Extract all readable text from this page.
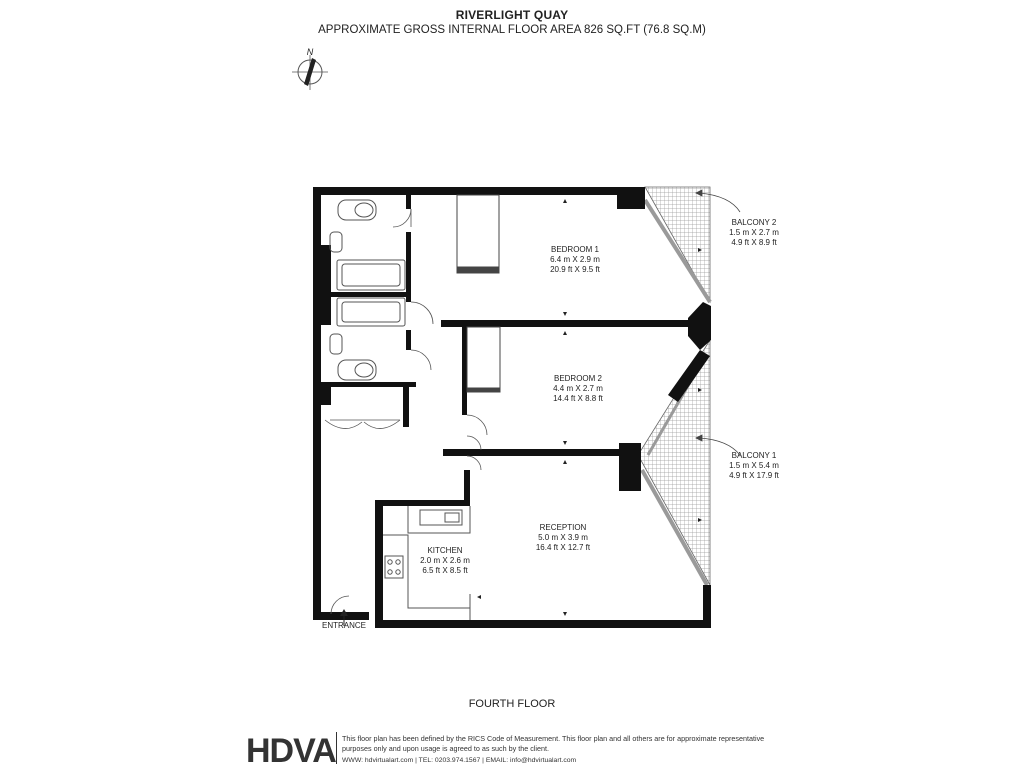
RIVERLIGHT QUAY
APPROXIMATE GROSS INTERNAL FLOOR AREA 826 SQ.FT (76.8 SQ.M)
N
BEDROOM 1
6.4 m X 2.9 m
20.9 ft X 9.5 ft
BEDROOM 2
4.4 m X 2.7 m
14.4 ft X 8.8 ft
RECEPTION
5.0 m X 3.9 m
16.4 ft X 12.7 ft
KITCHEN
2.0 m X 2.6 m
6.5 ft X 8.5 ft
BALCONY 2
1.5 m X 2.7 m
4.9 ft X 8.9 ft
BALCONY 1
1.5 m X 5.4 m
4.9 ft X 17.9 ft
ENTRANCE
FOURTH FLOOR
HDVA This floor plan has been defined by the RICS Code of Measurement. This floor plan and all others are for approximate representative purposes only and upon usage is agreed to as such by the client.
WWW: hdvirtualart.com | TEL: 0203.974.1567 | EMAIL: info@hdvirtualart.com
